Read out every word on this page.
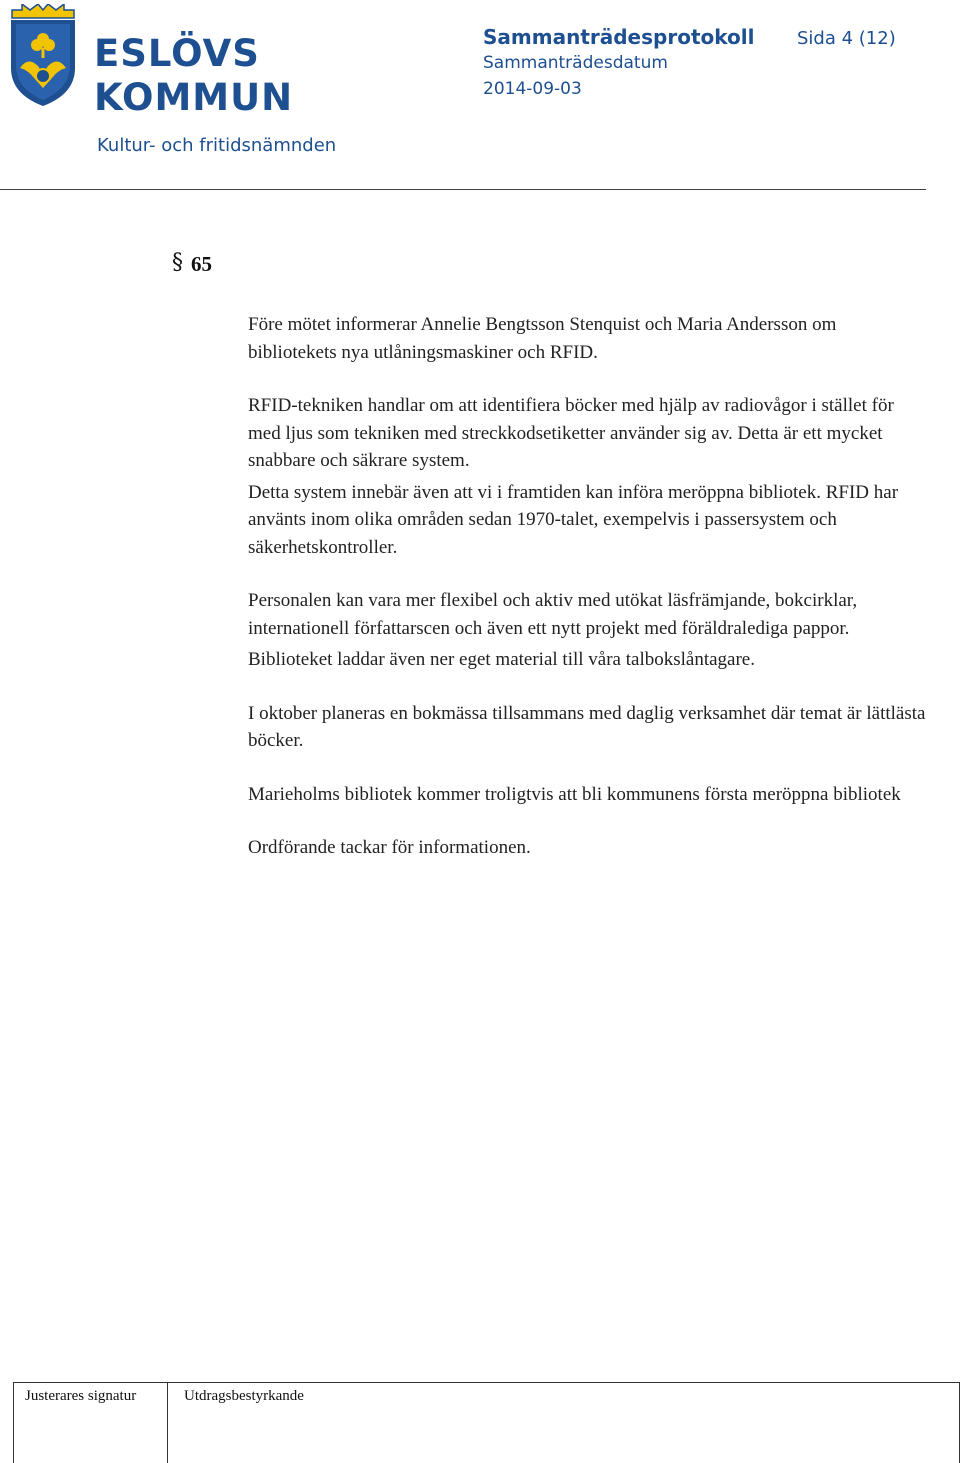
ESLÖVS
KOMMUN
Sammanträdesprotokoll Sida 4 (12)
Sammanträdesdatum
2014-09-03
Kultur- och fritidsnämnden
§ 65

Före mötet informerar Annelie Bengtsson Stenquist och Maria Andersson om bibliotekets nya utlåningsmaskiner och RFID.

RFID-tekniken handlar om att identifiera böcker med hjälp av radiovågor i stället för med ljus som tekniken med streckkodsetiketter använder sig av. Detta är ett mycket snabbare och säkrare system.

Detta system innebär även att vi i framtiden kan införa meröppna bibliotek. RFID har använts inom olika områden sedan 1970-talet, exempelvis i passersystem och säkerhetskontroller.

Personalen kan vara mer flexibel och aktiv med utökat läsfrämjande, bokcirklar, internationell författarscen och även ett nytt projekt med föräldralediga pappor.

Biblioteket laddar även ner eget material till våra talbokslåntagare.

I oktober planeras en bokmässa tillsammans med daglig verksamhet där temat är lättlästa böcker.

Marieholms bibliotek kommer troligtvis att bli kommunens första meröppna bibliotek

Ordförande tackar för informationen.

Justerares signatur	Utdragsbestyrkande
